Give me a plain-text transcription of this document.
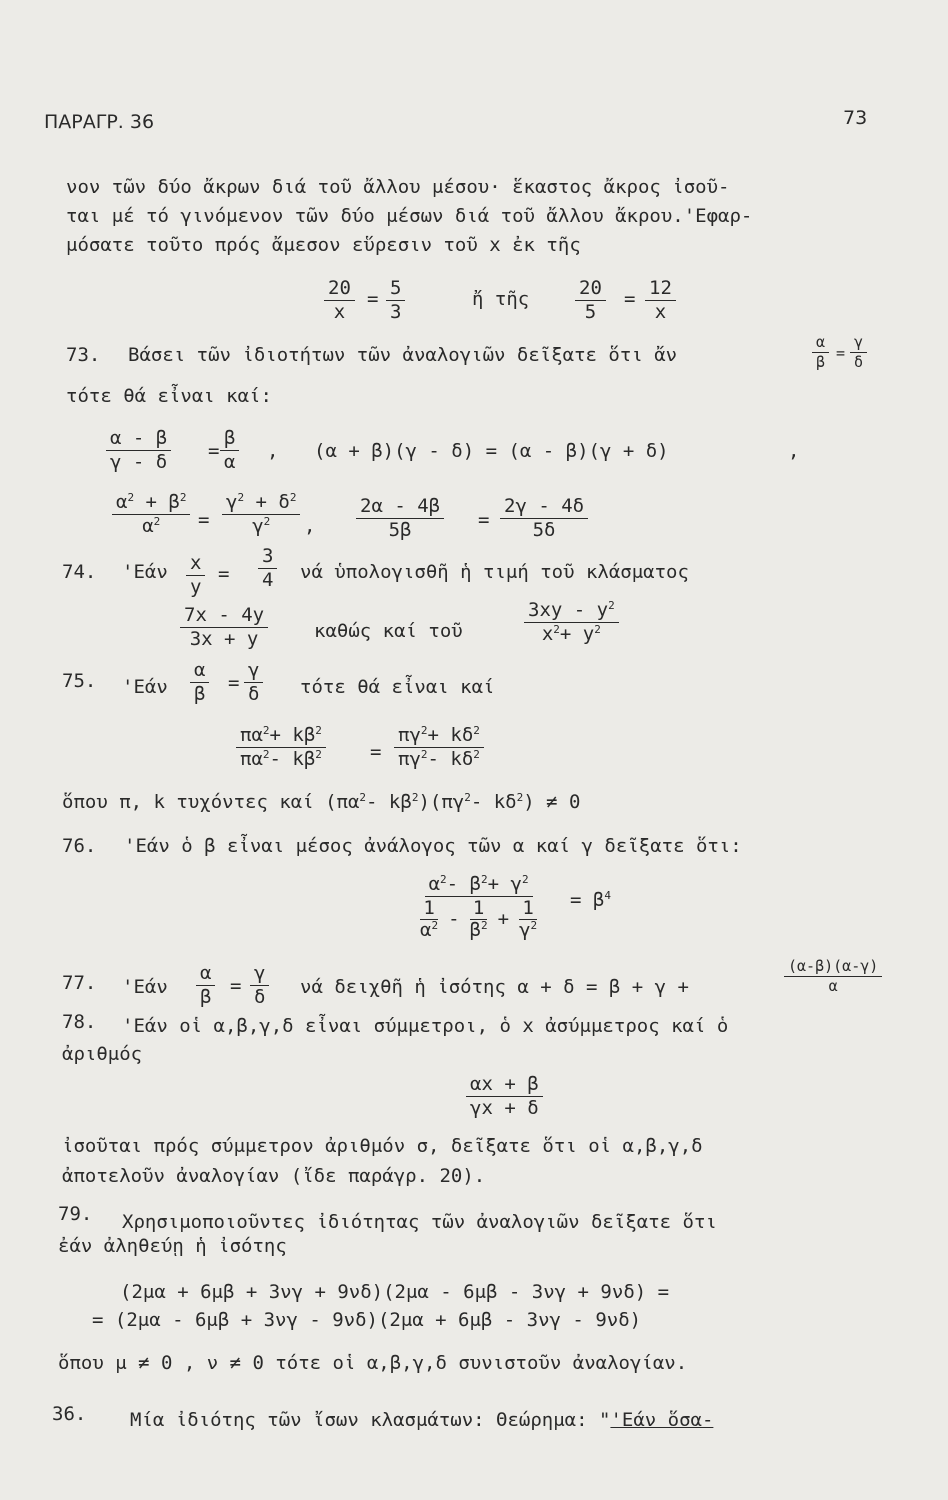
ΠΑΡΑΓΡ. 36	73
νον τῶν δύο ἄκρων διά τοῦ ἄλλου μέσου· ἕκαστος ἄκρος ἰσοῦ-
ται μέ τό γινόμενον τῶν δύο μέσων διά τοῦ ἄλλου ἄκρου.'Εφαρ-
μόσατε τοῦτο πρός ἄμεσον εὕρεσιν τοῦ x ἐκ τῆς
$\frac{20}{x} = \frac{5}{3}$	ἤ τῆς $\frac{20}{5} = \frac{12}{x}$
73. Βάσει τῶν ἰδιοτήτων τῶν ἀναλογιῶν δεῖξατε ὅτι ἄν	$\frac{\alpha}{\beta} = \frac{\gamma}{\delta}$
τότε θά εἶναι καί:
$\frac{\alpha - \beta}{\gamma - \delta} = \frac{\beta}{\alpha}$ , (α + β)(γ - δ) = (α - β)(γ + δ)	,
$\frac{\alpha^2 + \beta^2}{\alpha^2} = \frac{\gamma^2 + \delta^2}{\gamma^2}$ , $\frac{2\alpha - 4\beta}{5\beta} = \frac{2\gamma - 4\delta}{5\delta}$
74. '$Eά\nu \frac{x}{y} = \frac{3}{4}$ νά ὑπολογισθῆ ἡ τιμή τοῦ κλάσματος
$\frac{7x - 4y}{3x + y}$ καθώς καί τοῦ	$\frac{3xy - y^2}{x^2+ y^2}$
75. '$Eά\nu \frac{\alpha}{\beta} = \frac{\gamma}{\delta}$ τότε θά εἶναι καί
$\frac{\pi\alpha^2+ k\beta^2}{\pi\alpha^2- k\beta^2} = \frac{\pi\gamma^2+ k\delta^2}{\pi\gamma^2- k\delta^2}$
ὅπου π, k τυχόντες καί ($\pi\alpha^2-$ $k\beta^2)(\pi\gamma^2-$ $k\delta^2) \ne 0$
76. 'Εάν ὁ β εἶναι μέσος ἀνάλογος τῶν α καί γ δεῖξατε ὅτι:
$\alpha^2-$ $\beta^2+ \gamma^2$
1
$\alpha^2 - 1$
$\beta^2 + \frac{1}{\gamma^2} = \beta^4$
77. '$Eά\nu \frac{\alpha}{\beta} = \frac{\gamma}{\delta}$ νά δειχθῆ ἡ ἰσότης α + δ = β + γ +	$\frac{(\alpha-\beta)(\alpha-\gamma)}{\alpha}$
78. 'Εάν οἱ α,β,γ,δ εἶναι σύμμετροι, ὁ x ἀσύμμετρος καί ὁ
ἀριθμός
$\frac{\alpha x + \beta}{\gamma x + \delta}$
ἰσοῦται πρός σύμμετρον ἀριθμόν σ, δεῖξατε ὅτι οἱ α,β,γ,δ
ἀποτελοῦν ἀναλογίαν (ἴδε παράγρ. 20).
79. Χρησιμοποιοῦντες ἰδιότητας τῶν ἀναλογιῶν δεῖξατε ὅτι
ἐάν ἀληθεύῃ ἡ ἰσότης
(2μα + 6μβ + 3νγ + 9νδ)(2μα - 6μβ - 3νγ + 9νδ) =
= (2μα - 6μβ + 3νγ - 9νδ)(2μα + 6μβ - 3νγ - 9νδ)
ὅπου μ ≠ 0 , ν ≠ 0 τότε οἱ α,β,γ,δ συνιστοῦν ἀναλογίαν.
36. Μία ἰδιότης τῶν ἴσων κλασμάτων: Θεώρημα: "'Εάν ὅσα-
